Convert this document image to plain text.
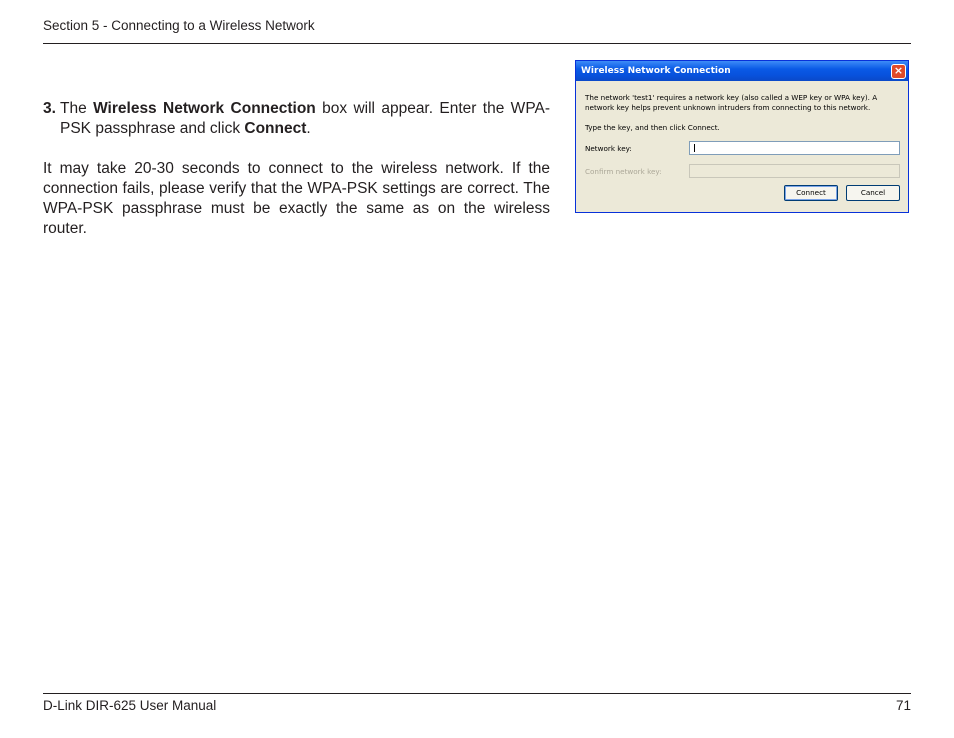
Section 5 - Connecting to a Wireless Network
3. The Wireless Network Connection box will appear. Enter the WPA-PSK passphrase and click Connect.
It may take 20-30 seconds to connect to the wireless network. If the connection fails, please verify that the WPA-PSK settings are correct. The WPA-PSK passphrase must be exactly the same as on the wireless router.
Wireless Network Connection	×
The network 'test1' requires a network key (also called a WEP key or WPA key). A network key helps prevent unknown intruders from connecting to this network.
Type the key, and then click Connect.
Network key:
Confirm network key:
Connect	Cancel
D-Link DIR-625 User Manual	71
